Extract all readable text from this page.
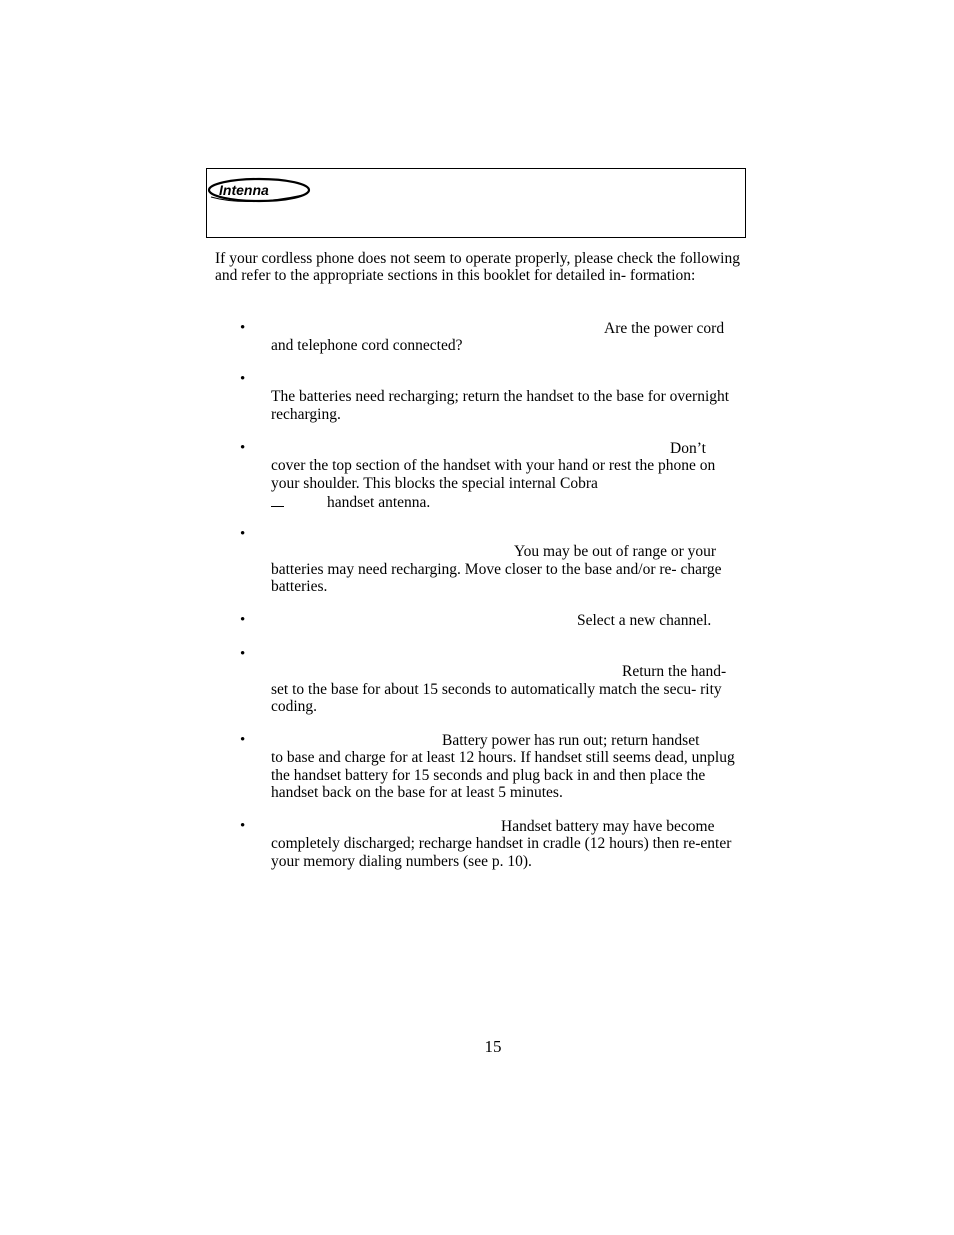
Intenna
If your cordless phone does not seem to operate properly, please check the following and refer to the appropriate sections in this booklet for detailed in- formation:
•	Are the power cord
and telephone cord connected?
•
The batteries need recharging; return the handset to the base for overnight recharging.
•	Don’t
cover the top section of the handset with your hand or rest the phone on your shoulder. This blocks the special internal Cobra
handset antenna.
•
You may be out of range or your
batteries may need recharging. Move closer to the base and/or re- charge batteries.
•	Select a new channel.
•
Return the hand-
set to the base for about 15 seconds to automatically match the secu- rity coding.
•	Battery power has run out; return handset
to base and charge for at least 12 hours. If handset still seems dead, unplug the handset battery for 15 seconds and plug back in and then place the handset back on the base for at least 5 minutes.
•	Handset battery may have become
completely discharged; recharge handset in cradle (12 hours) then re-enter your memory dialing numbers (see p. 10).
15
